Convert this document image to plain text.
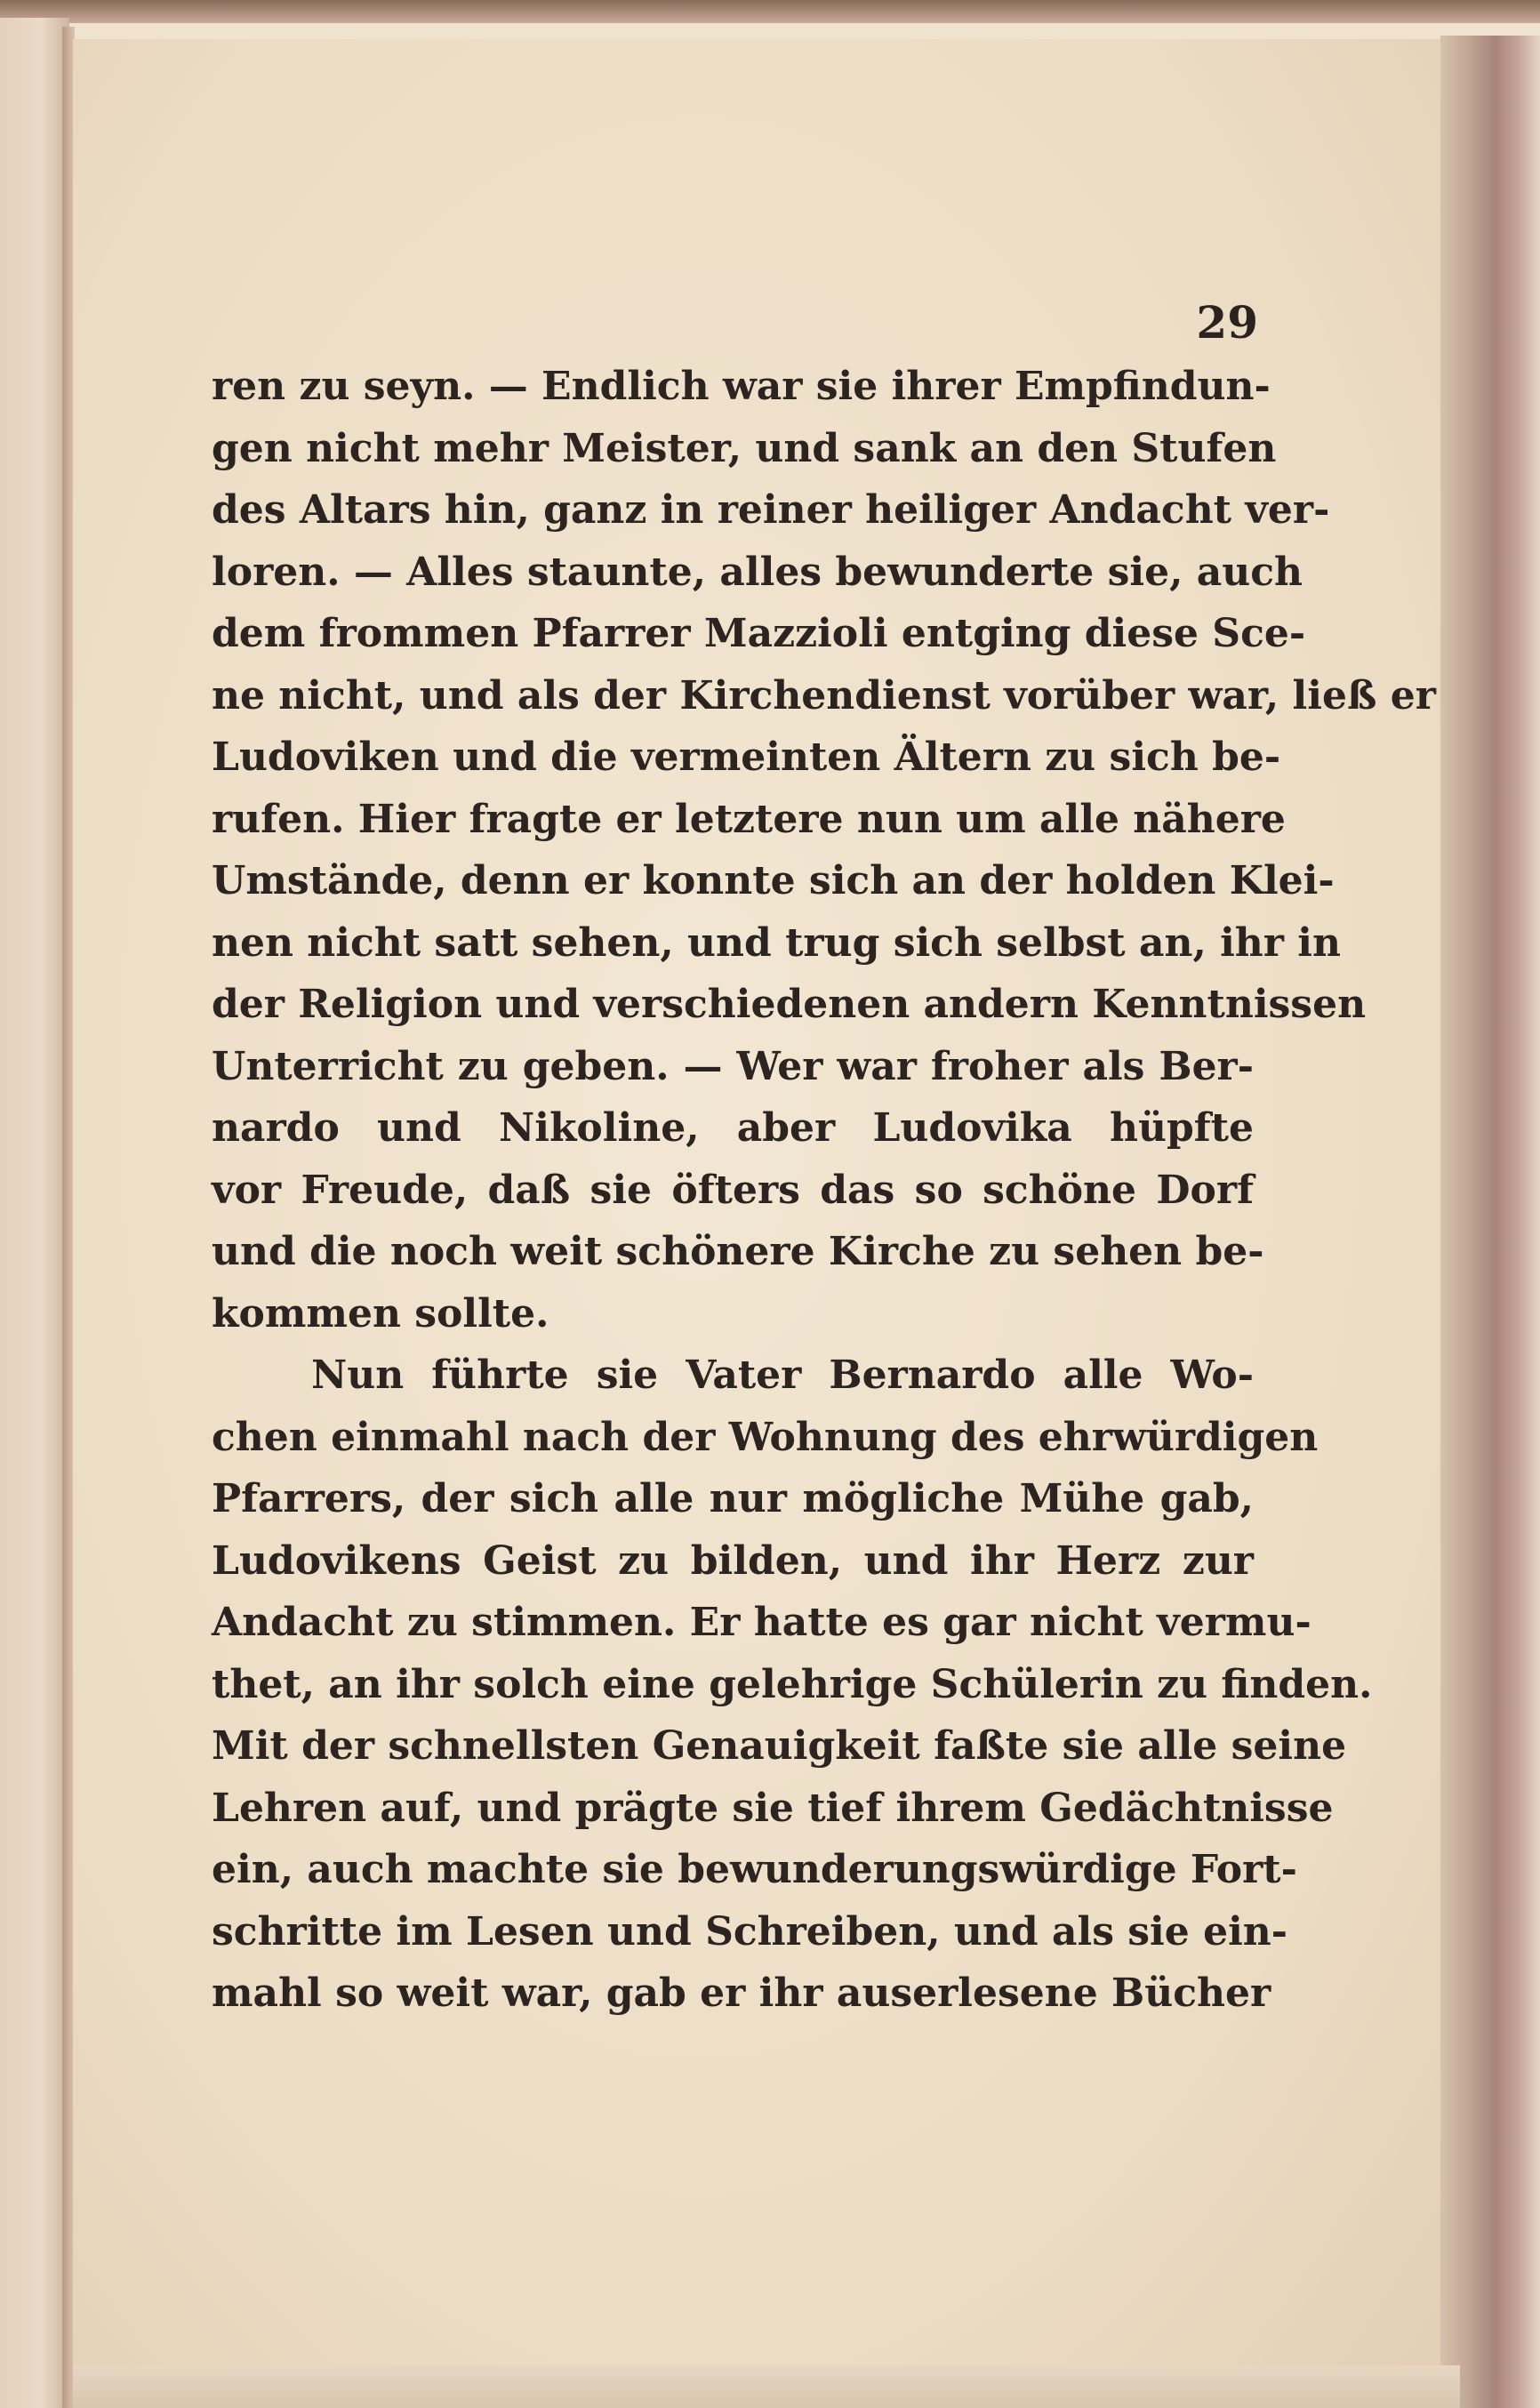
29
ren zu seyn. — Endlich war sie ihrer Empfindun-
gen nicht mehr Meister, und sank an den Stufen
des Altars hin, ganz in reiner heiliger Andacht ver-
loren. — Alles staunte, alles bewunderte sie, auch
dem frommen Pfarrer Mazzioli entging diese Sce-
ne nicht, und als der Kirchendienst vorüber war, ließ er
Ludoviken und die vermeinten Ältern zu sich be-
rufen. Hier fragte er letztere nun um alle nähere
Umstände, denn er konnte sich an der holden Klei-
nen nicht satt sehen, und trug sich selbst an, ihr in
der Religion und verschiedenen andern Kenntnissen
Unterricht zu geben. — Wer war froher als Ber-
nardo und Nikoline, aber Ludovika hüpfte
vor Freude, daß sie öfters das so schöne Dorf
und die noch weit schönere Kirche zu sehen be-
kommen sollte.
Nun führte sie Vater Bernardo alle Wo-
chen einmahl nach der Wohnung des ehrwürdigen
Pfarrers, der sich alle nur mögliche Mühe gab,
Ludovikens Geist zu bilden, und ihr Herz zur
Andacht zu stimmen. Er hatte es gar nicht vermu-
thet, an ihr solch eine gelehrige Schülerin zu finden.
Mit der schnellsten Genauigkeit faßte sie alle seine
Lehren auf, und prägte sie tief ihrem Gedächtnisse
ein, auch machte sie bewunderungswürdige Fort-
schritte im Lesen und Schreiben, und als sie ein-
mahl so weit war, gab er ihr auserlesene Bücher
